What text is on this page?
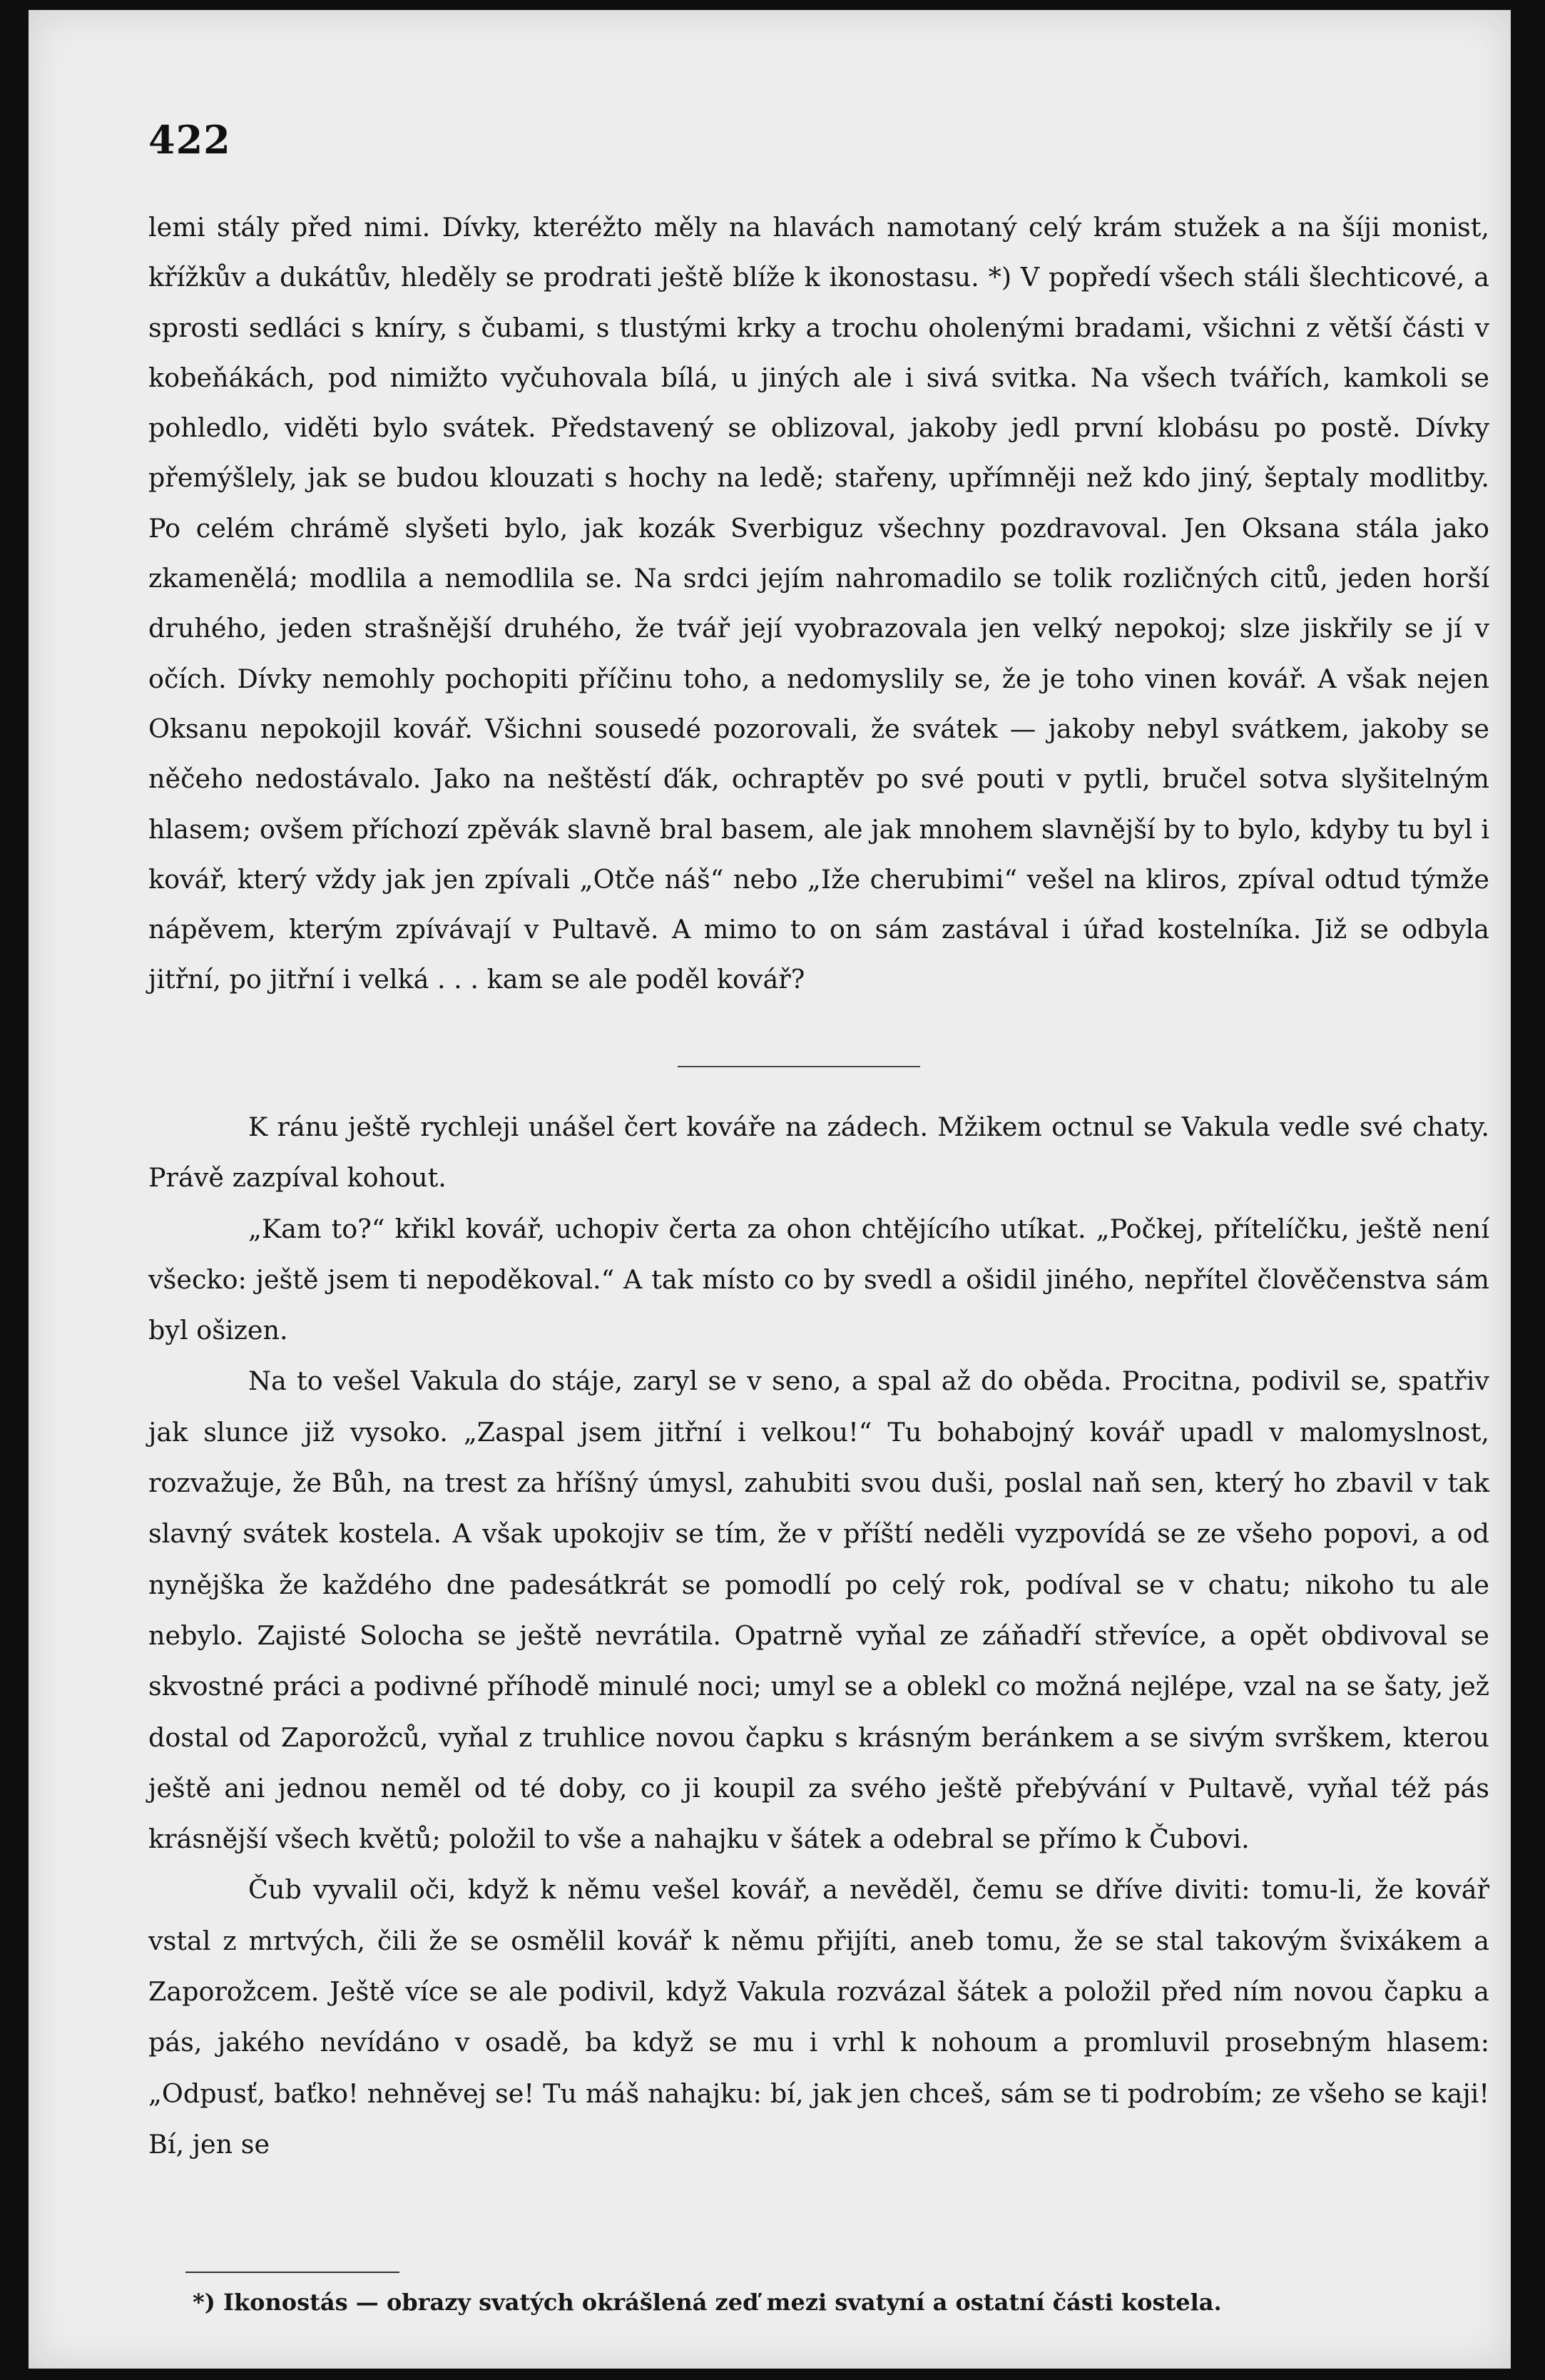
422

lemi stály před nimi. Dívky, kteréžto měly na hlavách namotaný celý krám stužek a na šíji monist, křížkův a dukátův, hleděly se prodrati ještě blíže k ikonostasu. *) V popředí všech stáli šlechticové, a sprosti sedláci s kníry, s čubami, s tlustými krky a trochu oholenými bradami, všichni z větší části v kobeňákách, pod nimižto vyčuhovala bílá, u jiných ale i sivá svitka. Na všech tvářích, kamkoli se pohledlo, viděti bylo svátek. Představený se oblizoval, jakoby jedl první klobásu po postě. Dívky přemýšlely, jak se budou klouzati s hochy na ledě; stařeny, upřímněji než kdo jiný, šeptaly modlitby. Po celém chrámě slyšeti bylo, jak kozák Sverbiguz všechny pozdravoval. Jen Oksana stála jako zkamenělá; modlila a nemodlila se. Na srdci jejím nahromadilo se tolik rozličných citů, jeden horší druhého, jeden strašnější druhého, že tvář její vyobrazovala jen velký nepokoj; slze jiskřily se jí v očích. Dívky nemohly pochopiti příčinu toho, a nedomyslily se, že je toho vinen kovář. A však nejen Oksanu nepokojil kovář. Všichni sousedé pozorovali, že svátek — jakoby nebyl svátkem, jakoby se něčeho nedostávalo. Jako na neštěstí ďák, ochraptěv po své pouti v pytli, bručel sotva slyšitelným hlasem; ovšem příchozí zpěvák slavně bral basem, ale jak mnohem slavnější by to bylo, kdyby tu byl i kovář, který vždy jak jen zpívali „Otče náš“ nebo „Iže cherubimi“ vešel na kliros, zpíval odtud týmže nápěvem, kterým zpívávají v Pultavě. A mimo to on sám zastával i úřad kostelníka. Již se odbyla jitřní, po jitřní i velká . . . kam se ale poděl kovář?

K ránu ještě rychleji unášel čert kováře na zádech. Mžikem octnul se Vakula vedle své chaty. Právě zazpíval kohout.

„Kam to?“ křikl kovář, uchopiv čerta za ohon chtějícího utíkat. „Počkej, přítelíčku, ještě není všecko: ještě jsem ti nepoděkoval.“ A tak místo co by svedl a ošidil jiného, nepřítel člověčenstva sám byl ošizen.

Na to vešel Vakula do stáje, zaryl se v seno, a spal až do oběda. Procitna, podivil se, spatřiv jak slunce již vysoko. „Zaspal jsem jitřní i velkou!“ Tu bohabojný kovář upadl v malomyslnost, rozvažuje, že Bůh, na trest za hříšný úmysl, zahubiti svou duši, poslal naň sen, který ho zbavil v tak slavný svátek kostela. A však upokojiv se tím, že v příští neděli vyzpovídá se ze všeho popovi, a od nynějška že každého dne padesátkrát se pomodlí po celý rok, podíval se v chatu; nikoho tu ale nebylo. Zajisté Solocha se ještě nevrátila. Opatrně vyňal ze záňadří střevíce, a opět obdivoval se skvostné práci a podivné příhodě minulé noci; umyl se a oblekl co možná nejlépe, vzal na se šaty, jež dostal od Zaporožců, vyňal z truhlice novou čapku s krásným beránkem a se sivým svrškem, kterou ještě ani jednou neměl od té doby, co ji koupil za svého ještě přebývání v Pultavě, vyňal též pás krásnější všech květů; položil to vše a nahajku v šátek a odebral se přímo k Čubovi.

Čub vyvalil oči, když k němu vešel kovář, a nevěděl, čemu se dříve diviti: tomu-li, že kovář vstal z mrtvých, čili že se osmělil kovář k němu přijíti, aneb tomu, že se stal takovým šviхákem a Zaporožcem. Ještě více se ale podivil, když Vakula rozvázal šátek a položil před ním novou čapku a pás, jakého nevídáno v osadě, ba když se mu i vrhl k nohoum a promluvil prosebným hlasem: „Odpusť, baťko! nehněvej se! Tu máš nahajku: bí, jak jen chceš, sám se ti podrobím; ze všeho se kaji! Bí, jen se

*) Ikonostás — obrazy svatých okrášlená zeď mezi svatyní a ostatní části kostela.
